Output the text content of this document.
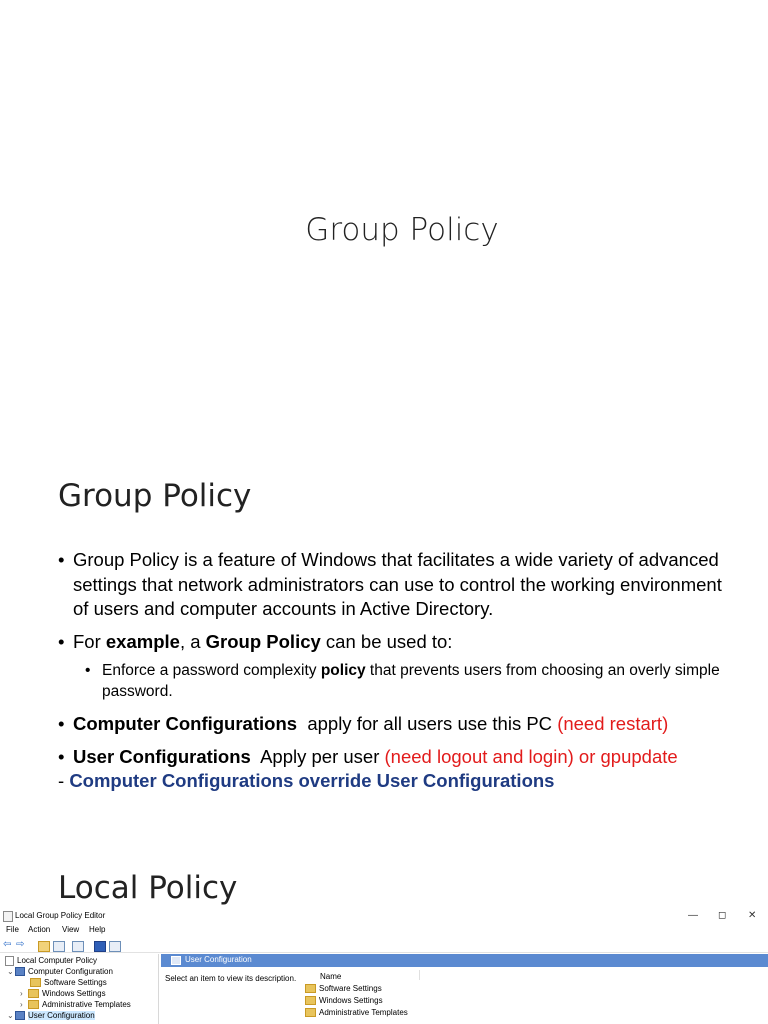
Group Policy
Group Policy
• Group Policy is a feature of Windows that facilitates a wide variety of advanced settings that network administrators can use to control the working environment of users and computer accounts in Active Directory.
• For example, a Group Policy can be used to:
• Enforce a password complexity policy that prevents users from choosing an overly simple password.
• Computer Configurations  apply for all users use this PC (need restart)
• User Configurations  Apply per user (need logout and login) or gpupdate
- Computer Configurations override User Configurations
Local Policy
Local Group Policy Editor	— ◻ ✕
File Action View Help
⇦ ⇨
Local Computer Policy
⌄ Computer Configuration
Software Settings
› Windows Settings
› Administrative Templates
⌄ User Configuration
User Configuration
Select an item to view its description.	Name
Software Settings
Windows Settings
Administrative Templates
